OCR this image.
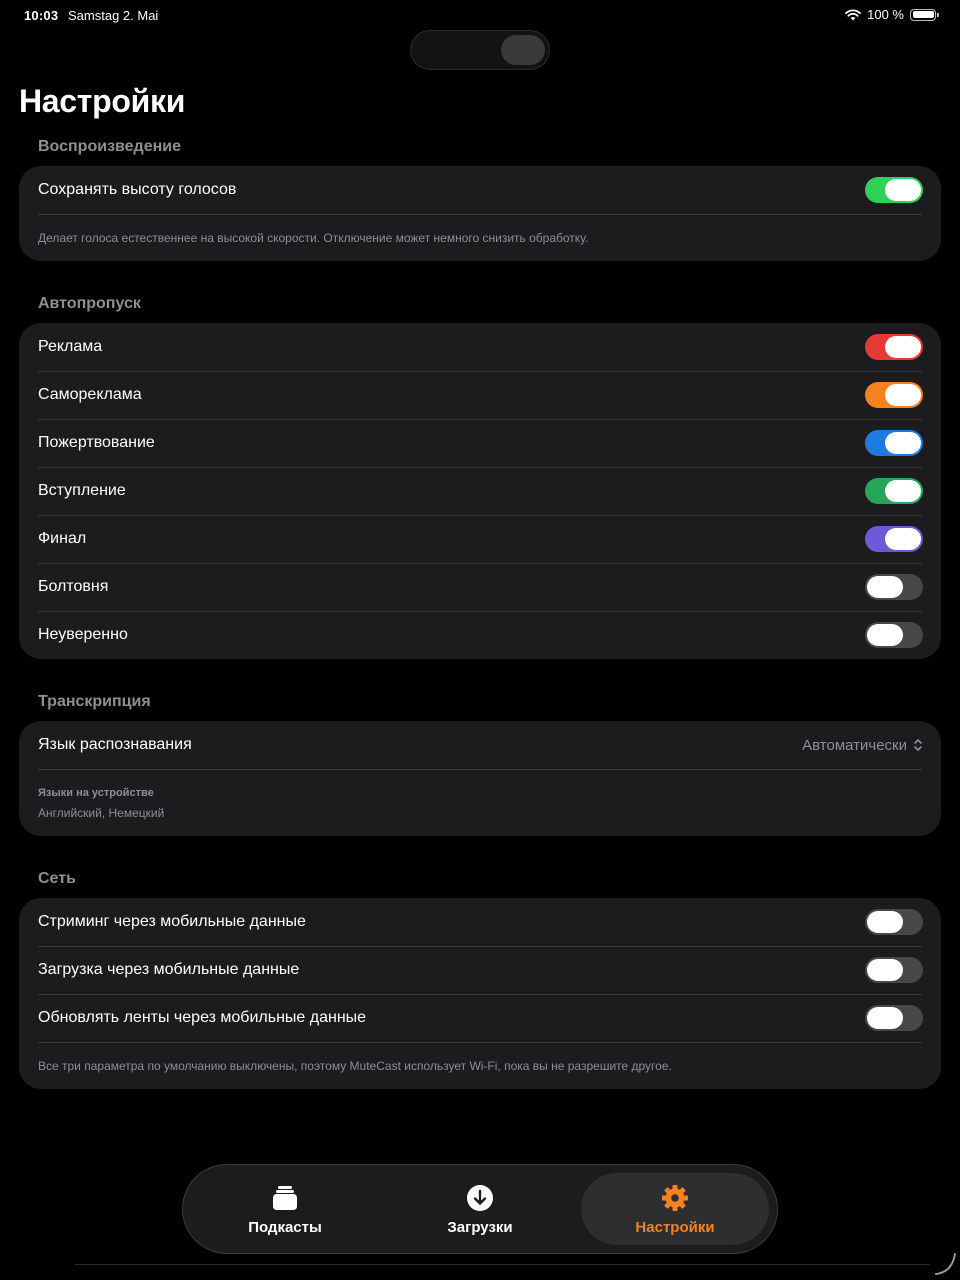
10:03 Samstag 2. Mai	100 %
Настройки
Воспроизведение
Сохранять высоту голосов
Делает голоса естественнее на высокой скорости. Отключение может немного снизить обработку.
Автопропуск
Реклама
Самореклама
Пожертвование
Вступление
Финал
Болтовня
Неуверенно
Транскрипция
Язык распознавания	Автоматически
Языки на устройстве
Английский, Немецкий
Сеть
Стриминг через мобильные данные
Загрузка через мобильные данные
Обновлять ленты через мобильные данные
Все три параметра по умолчанию выключены, поэтому MuteCast использует Wi-Fi, пока вы не разрешите другое.
Подкасты	Загрузки	Настройки
